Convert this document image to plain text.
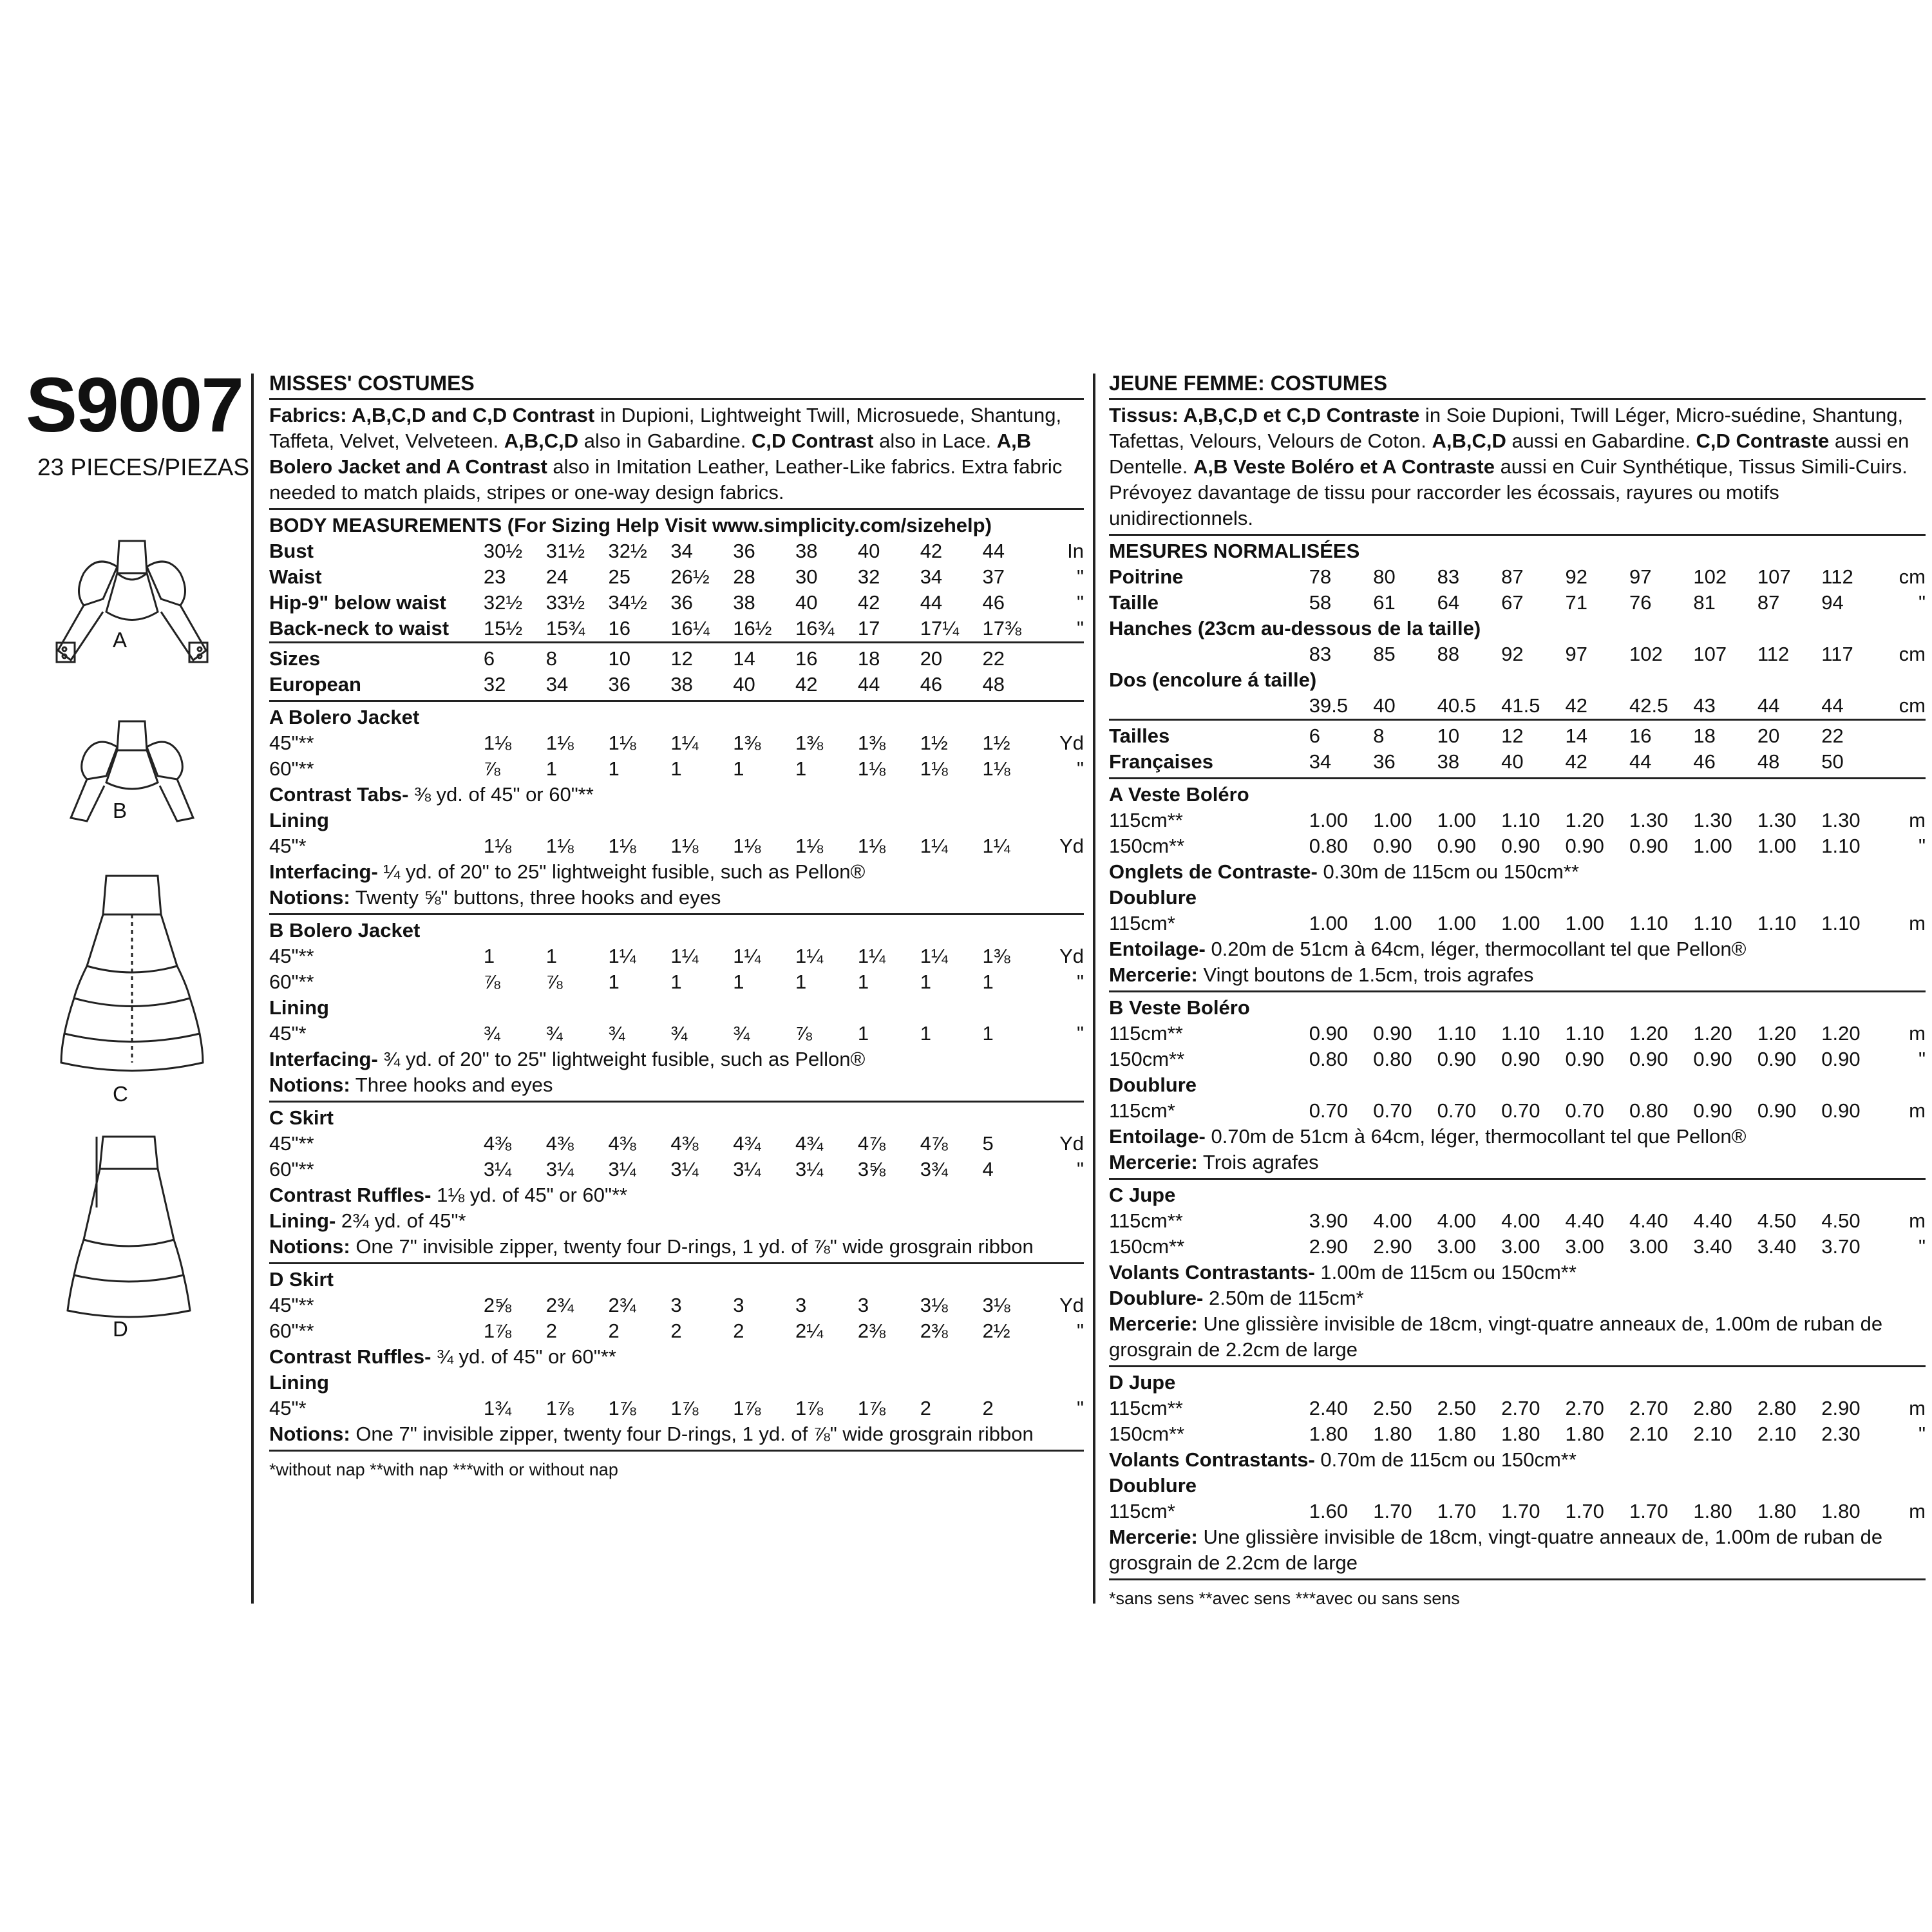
S9007
23 PIECES/PIEZAS
A
B
C
D
MISSES' COSTUMES

Fabrics: A,B,C,D and C,D Contrast in Dupioni, Lightweight Twill, Microsuede, Shantung, Taffeta, Velvet, Velveteen. A,B,C,D also in Gabardine. C,D Contrast also in Lace. A,B Bolero Jacket and A Contrast also in Imitation Leather, Leather-Like fabrics. Extra fabric needed to match plaids, stripes or one-way design fabrics.

BODY MEASUREMENTS (For Sizing Help Visit www.simplicity.com/sizehelp)
Bust	30½	31½	32½	34	36	38	40	42	44	In
Waist	23	24	25	26½	28	30	32	34	37	"
Hip-9" below waist	32½	33½	34½	36	38	40	42	44	46	"
Back-neck to waist	15½	15¾	16	16¼	16½	16¾	17	17¼	17⅜	"
Sizes	6	8	10	12	14	16	18	20	22	
European	32	34	36	38	40	42	44	46	48	
A Bolero Jacket
45"**	1⅛	1⅛	1⅛	1¼	1⅜	1⅜	1⅜	1½	1½	Yd
60"**	⅞	1	1	1	1	1	1⅛	1⅛	1⅛	"
Contrast Tabs- ⅜ yd. of 45" or 60"**
Lining
45"*	1⅛	1⅛	1⅛	1⅛	1⅛	1⅛	1⅛	1¼	1¼	Yd
Interfacing- ¼ yd. of 20" to 25" lightweight fusible, such as Pellon®
Notions: Twenty ⅝" buttons, three hooks and eyes
B Bolero Jacket
45"**	1	1	1¼	1¼	1¼	1¼	1¼	1¼	1⅜	Yd
60"**	⅞	⅞	1	1	1	1	1	1	1	"
Lining
45"*	¾	¾	¾	¾	¾	⅞	1	1	1	"
Interfacing- ¾ yd. of 20" to 25" lightweight fusible, such as Pellon®
Notions: Three hooks and eyes
C Skirt
45"**	4⅜	4⅜	4⅜	4⅜	4¾	4¾	4⅞	4⅞	5	Yd
60"**	3¼	3¼	3¼	3¼	3¼	3¼	3⅝	3¾	4	"
Contrast Ruffles- 1⅛ yd. of 45" or 60"**
Lining- 2¾ yd. of 45"*
Notions: One 7" invisible zipper, twenty four D-rings, 1 yd. of ⅞" wide grosgrain ribbon
D Skirt
45"**	2⅝	2¾	2¾	3	3	3	3	3⅛	3⅛	Yd
60"**	1⅞	2	2	2	2	2¼	2⅜	2⅜	2½	"
Contrast Ruffles- ¾ yd. of 45" or 60"**
Lining
45"*	1¾	1⅞	1⅞	1⅞	1⅞	1⅞	1⅞	2	2	"
Notions: One 7" invisible zipper, twenty four D-rings, 1 yd. of ⅞" wide grosgrain ribbon
*without nap **with nap ***with or without nap
JEUNE FEMME: COSTUMES

Tissus: A,B,C,D et C,D Contraste in Soie Dupioni, Twill Léger, Micro-suédine, Shantung, Tafettas, Velours, Velours de Coton. A,B,C,D aussi en Gabardine. C,D Contraste aussi en Dentelle. A,B Veste Boléro et A Contraste aussi en Cuir Synthétique, Tissus Simili-Cuirs. Prévoyez davantage de tissu pour raccorder les écossais, rayures ou motifs unidirectionnels.

MESURES NORMALISÉES
Poitrine	78	80	83	87	92	97	102	107	112	cm
Taille	58	61	64	67	71	76	81	87	94	"
Hanches (23cm au-dessous de la taille)
	83	85	88	92	97	102	107	112	117	cm
Dos (encolure á taille)
	39.5	40	40.5	41.5	42	42.5	43	44	44	cm
Tailles	6	8	10	12	14	16	18	20	22	
Françaises	34	36	38	40	42	44	46	48	50	
A Veste Boléro
115cm**	1.00	1.00	1.00	1.10	1.20	1.30	1.30	1.30	1.30	m
150cm**	0.80	0.90	0.90	0.90	0.90	0.90	1.00	1.00	1.10	"
Onglets de Contraste- 0.30m de 115cm ou 150cm**
Doublure
115cm*	1.00	1.00	1.00	1.00	1.00	1.10	1.10	1.10	1.10	m
Entoilage- 0.20m de 51cm à 64cm, léger, thermocollant tel que Pellon®
Mercerie: Vingt boutons de 1.5cm, trois agrafes
B Veste Boléro
115cm**	0.90	0.90	1.10	1.10	1.10	1.20	1.20	1.20	1.20	m
150cm**	0.80	0.80	0.90	0.90	0.90	0.90	0.90	0.90	0.90	"
Doublure
115cm*	0.70	0.70	0.70	0.70	0.70	0.80	0.90	0.90	0.90	m
Entoilage- 0.70m de 51cm à 64cm, léger, thermocollant tel que Pellon®
Mercerie: Trois agrafes
C Jupe
115cm**	3.90	4.00	4.00	4.00	4.40	4.40	4.40	4.50	4.50	m
150cm**	2.90	2.90	3.00	3.00	3.00	3.00	3.40	3.40	3.70	"
Volants Contrastants- 1.00m de 115cm ou 150cm**
Doublure- 2.50m de 115cm*
Mercerie: Une glissière invisible de 18cm, vingt-quatre anneaux de, 1.00m de ruban de grosgrain de 2.2cm de large
D Jupe
115cm**	2.40	2.50	2.50	2.70	2.70	2.70	2.80	2.80	2.90	m
150cm**	1.80	1.80	1.80	1.80	1.80	2.10	2.10	2.10	2.30	"
Volants Contrastants- 0.70m de 115cm ou 150cm**
Doublure
115cm*	1.60	1.70	1.70	1.70	1.70	1.70	1.80	1.80	1.80	m
Mercerie: Une glissière invisible de 18cm, vingt-quatre anneaux de, 1.00m de ruban de grosgrain de 2.2cm de large
*sans sens **avec sens ***avec ou sans sens
